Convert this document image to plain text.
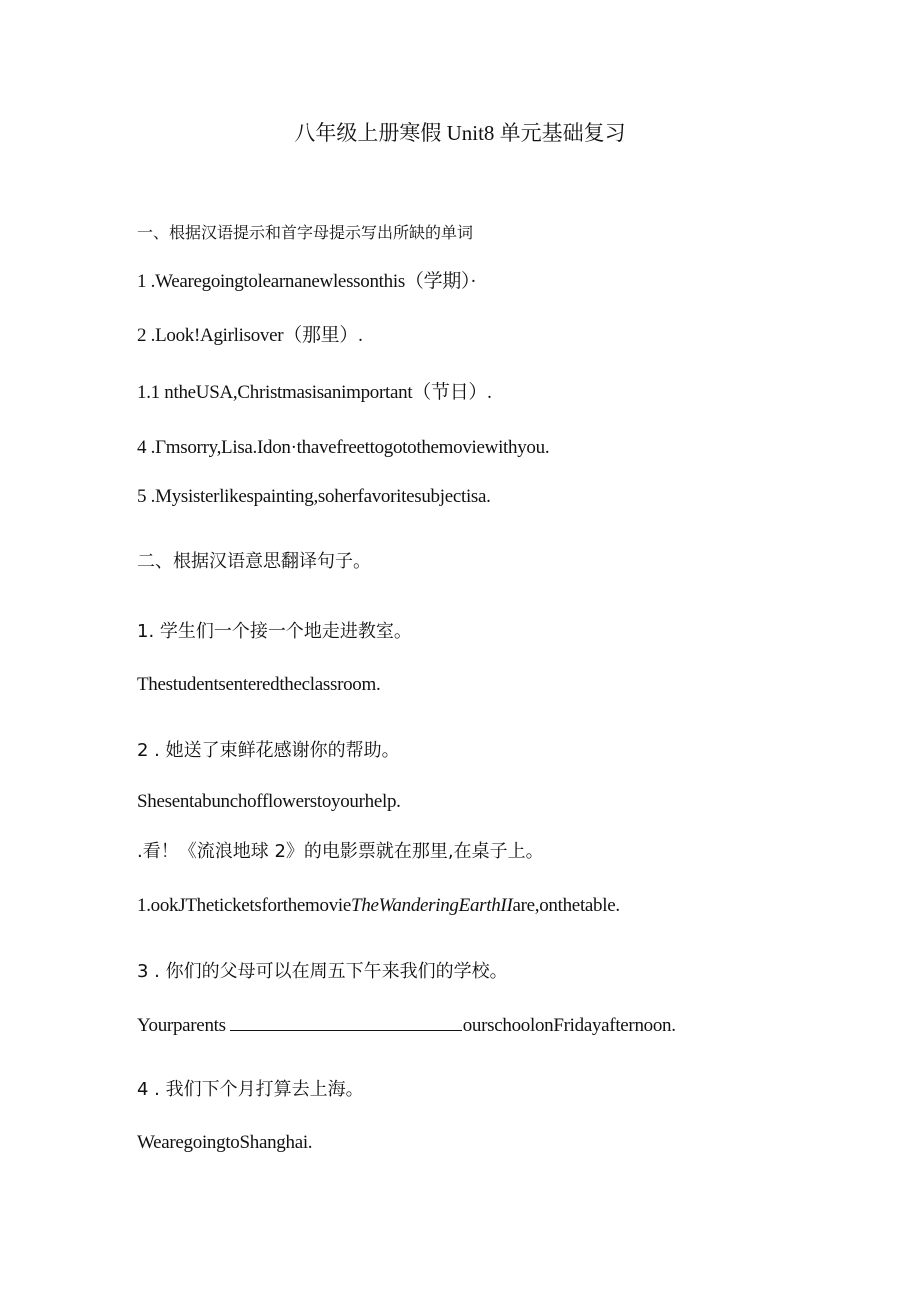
八年级上册寒假 Unit8 单元基础复习
一、根据汉语提示和首字母提示写出所缺的单词
1 .Wearegoingtolearnanewlessonthis（学期）·
2 .Look!Agirlisover（那里）.
1.1 ntheUSA,Christmasisanimportant（节日）.
4 .Γmsorry,Lisa.Idon·thavefreettogotothemoviewithyou.
5 .Mysisterlikespainting,soherfavoritesubjectisa.
二、根据汉语意思翻译句子。
1. 学生们一个接一个地走进教室。
Thestudentsenteredtheclassroom.
2 . 她送了束鲜花感谢你的帮助。
Shesentabunchofflowerstoyourhelp.
.看！《流浪地球 2》的电影票就在那里,在桌子上。
1.ookJTheticketsforthemovieTheWanderingEarthIIare,onthetable.
3 . 你们的父母可以在周五下午来我们的学校。
Yourparents	ourschoolonFridayafternoon.
4 . 我们下个月打算去上海。
WearegoingtoShanghai.
